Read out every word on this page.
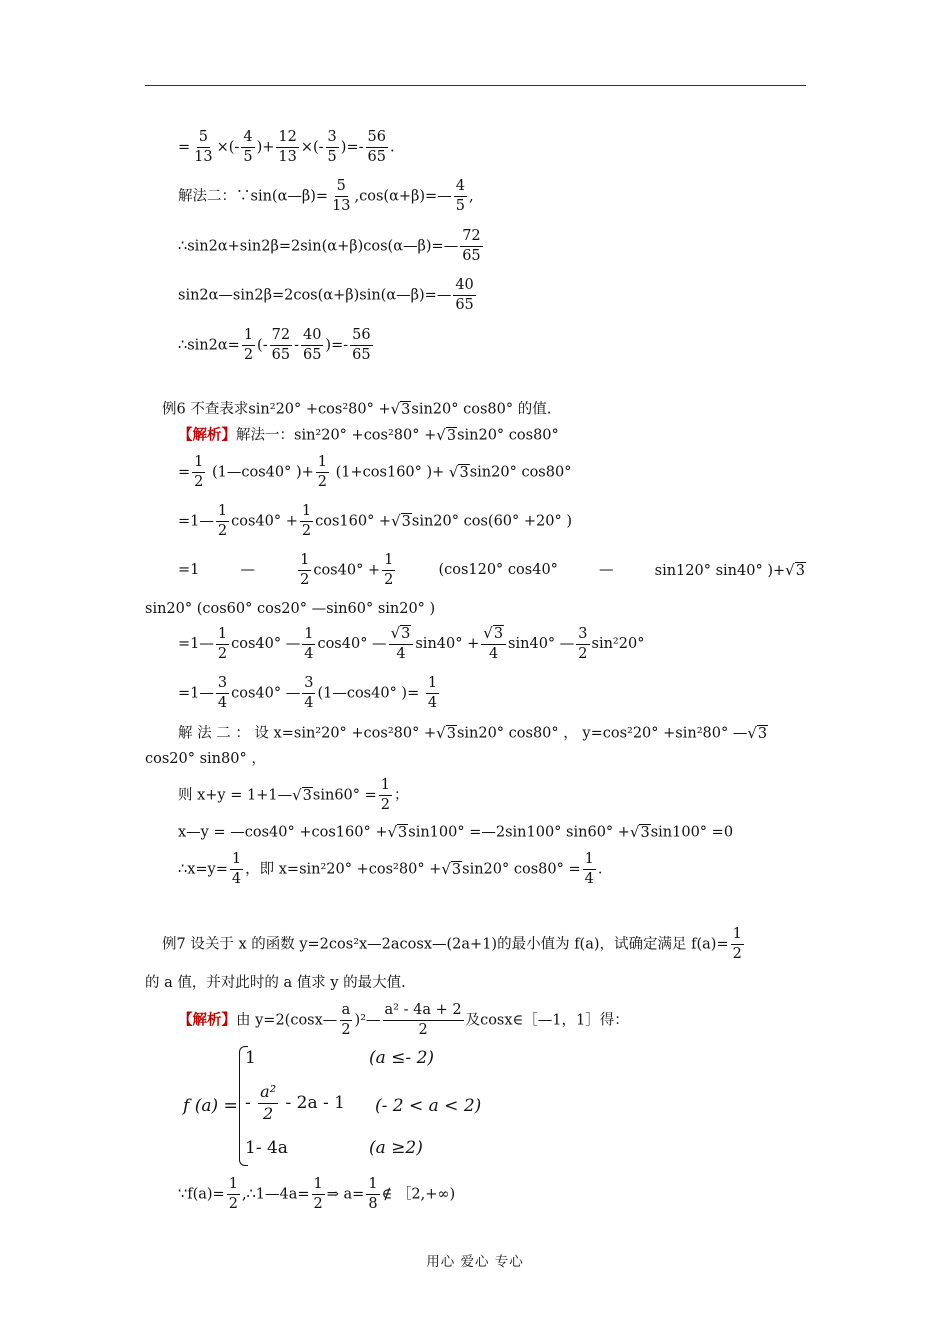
= $\frac{5}{13}$ ×(- $\frac{4}{5}$ )+ $\frac{12}{13}$ ×(- $\frac{3}{5}$ )=- $\frac{56}{65}$ .
解法二：∵sin(α—β)= $\frac{5}{13}$ ,cos(α+β)=— $\frac{4}{5}$ ,
∴sin2α+sin2β=2sin(α+β)cos(α—β)=— $\frac{72}{65}$
sin2α—sin2β=2cos(α+β)sin(α—β)=— $\frac{40}{65}$
∴sin2α= $\frac{1}{2}$ (- $\frac{72}{65} - \frac{40}{65}$ )=- $\frac{56}{65}$
例6 不查表求sin²20° +cos²80° +√3sin20° cos80° 的值.
【解析】解法一：sin²20° +cos²80° +√3sin20° cos80°
= $\frac{1}{2}$ (1—cos40° )+ $\frac{1}{2} (1+\cos 160^\circ$ )+ √3sin20° cos80°
=1— $\frac{1}{2} \cos 40^\circ + \frac{1}{2} \cos 160^\circ +√3\sin 20^\circ$ cos(60° +20° )
=1	—	$\frac{1}{2} \cos 40^\circ + \frac{1}{2}$	(cos120° cos40°	—	sin120° sin40° )+√3
sin20° (cos60° cos20° —sin60° sin20° )
=1— $\frac{1}{2} \cos 40^\circ$ — $\frac{1}{4} \cos 40^\circ$ — $\frac{√3}{4} \sin 40^\circ + \frac{√3}{4} \sin 40^\circ$ — $\frac{3}{2} \sin^220^\circ$
=1— $\frac{3}{4} \cos 40^\circ$ — $\frac{3}{4}$ (1—cos40° )= $\frac{1}{4}$
解 法 二 ： 设 x=sin²20° +cos²80° +√3sin20° cos80° ， y=cos²20° +sin²80° —√3
cos20° sin80° ，
则 x+y = 1+1—√3sin60° = $\frac{1}{2}$ ；
x—y = —cos40° +cos160° +√3sin100° =—2sin100° sin60° +√3sin100° =0
∴x=y= $\frac{1}{4}$ ，即 x=sin²20° +cos²80° +√3sin20° $\cos 80^\circ = \frac{1}{4}$ .
例7 设关于 x 的函数 y=2cos²x—2acosx—(2a+1)的最小值为 f(a)，试确定满足 $f(a)= \frac{1}{2}$
的 a 值，并对此时的 a 值求 y 的最大值.
【解析】由 y=2(cosx— $\frac{a}{2}$ )²— $\frac{\text{a² - 4a + 2}}{2}$ 及cosx∈［—1，1］得：
f (a) =
1	(a ≤- 2)
- $\frac{\text{a²}}{2} - 2a - 1$ (- 2 < a < 2)
1- 4a	(a ≥2)
∵f(a)= $\frac{1}{2}$ ,∴1—4a= $\frac{1}{2}$ ⇒ $a= \frac{1}{8}$ ∉ ［2,+∞)
用心 爱心 专心
